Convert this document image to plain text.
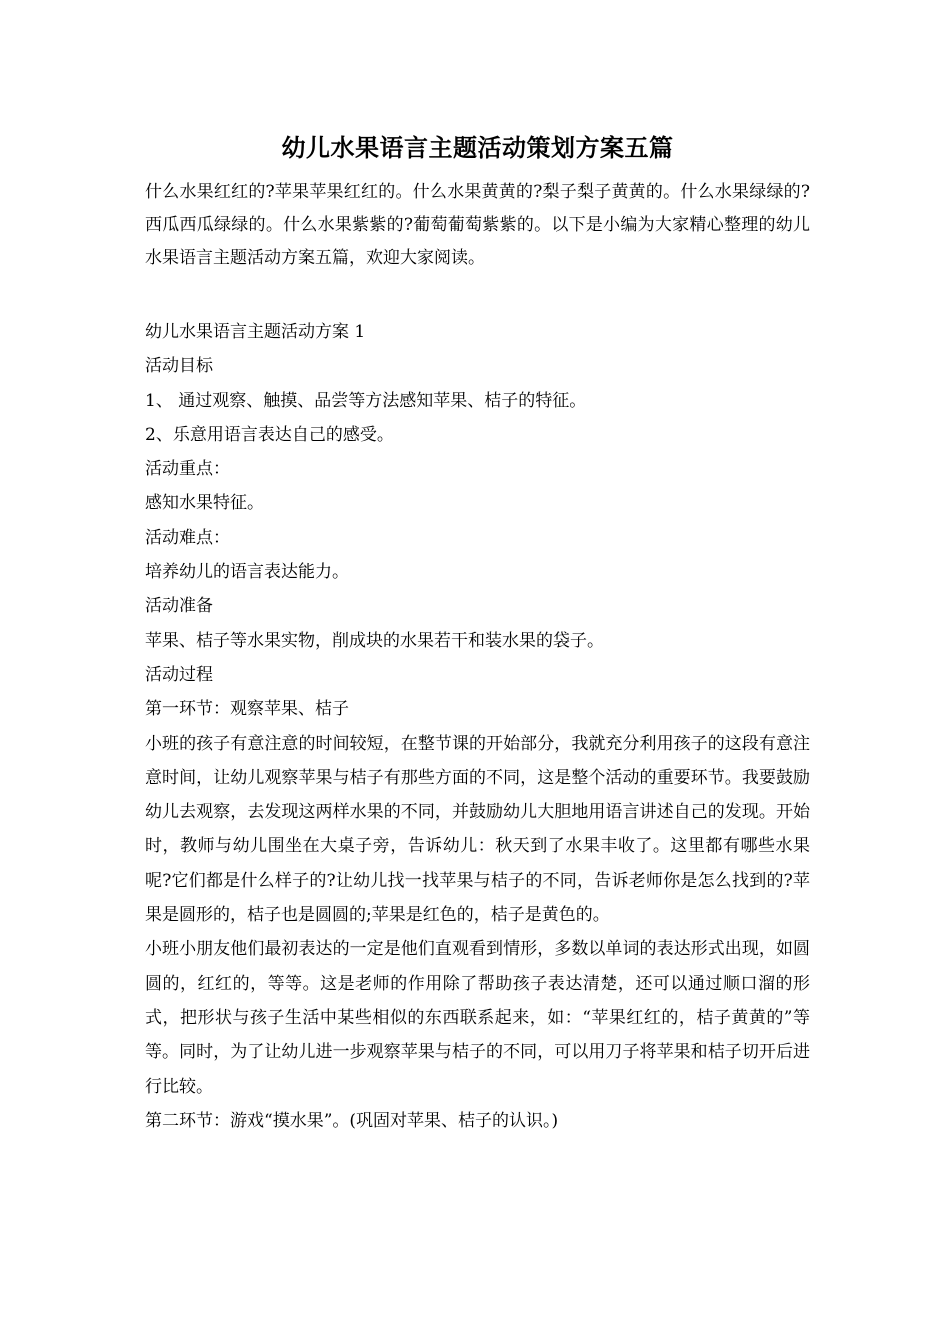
幼儿水果语言主题活动策划方案五篇

什么水果红红的?苹果苹果红红的。什么水果黄黄的?梨子梨子黄黄的。什么水果绿绿的?西瓜西瓜绿绿的。什么水果紫紫的?葡萄葡萄紫紫的。以下是小编为大家精心整理的幼儿水果语言主题活动方案五篇，欢迎大家阅读。

幼儿水果语言主题活动方案 1

活动目标

1、 通过观察、触摸、品尝等方法感知苹果、桔子的特征。

2、乐意用语言表达自己的感受。

活动重点：

感知水果特征。

活动难点：

培养幼儿的语言表达能力。

活动准备

苹果、桔子等水果实物，削成块的水果若干和装水果的袋子。

活动过程

第一环节：观察苹果、桔子

小班的孩子有意注意的时间较短，在整节课的开始部分，我就充分利用孩子的这段有意注意时间，让幼儿观察苹果与桔子有那些方面的不同，这是整个活动的重要环节。我要鼓励幼儿去观察，去发现这两样水果的不同，并鼓励幼儿大胆地用语言讲述自己的发现。开始时，教师与幼儿围坐在大桌子旁，告诉幼儿：秋天到了水果丰收了。这里都有哪些水果呢?它们都是什么样子的?让幼儿找一找苹果与桔子的不同，告诉老师你是怎么找到的?苹果是圆形的，桔子也是圆圆的;苹果是红色的，桔子是黄色的。

小班小朋友他们最初表达的一定是他们直观看到情形，多数以单词的表达形式出现，如圆圆的，红红的，等等。这是老师的作用除了帮助孩子表达清楚，还可以通过顺口溜的形式，把形状与孩子生活中某些相似的东西联系起来，如：“苹果红红的，桔子黄黄的”等等。同时，为了让幼儿进一步观察苹果与桔子的不同，可以用刀子将苹果和桔子切开后进行比较。

第二环节：游戏“摸水果”。(巩固对苹果、桔子的认识。)
